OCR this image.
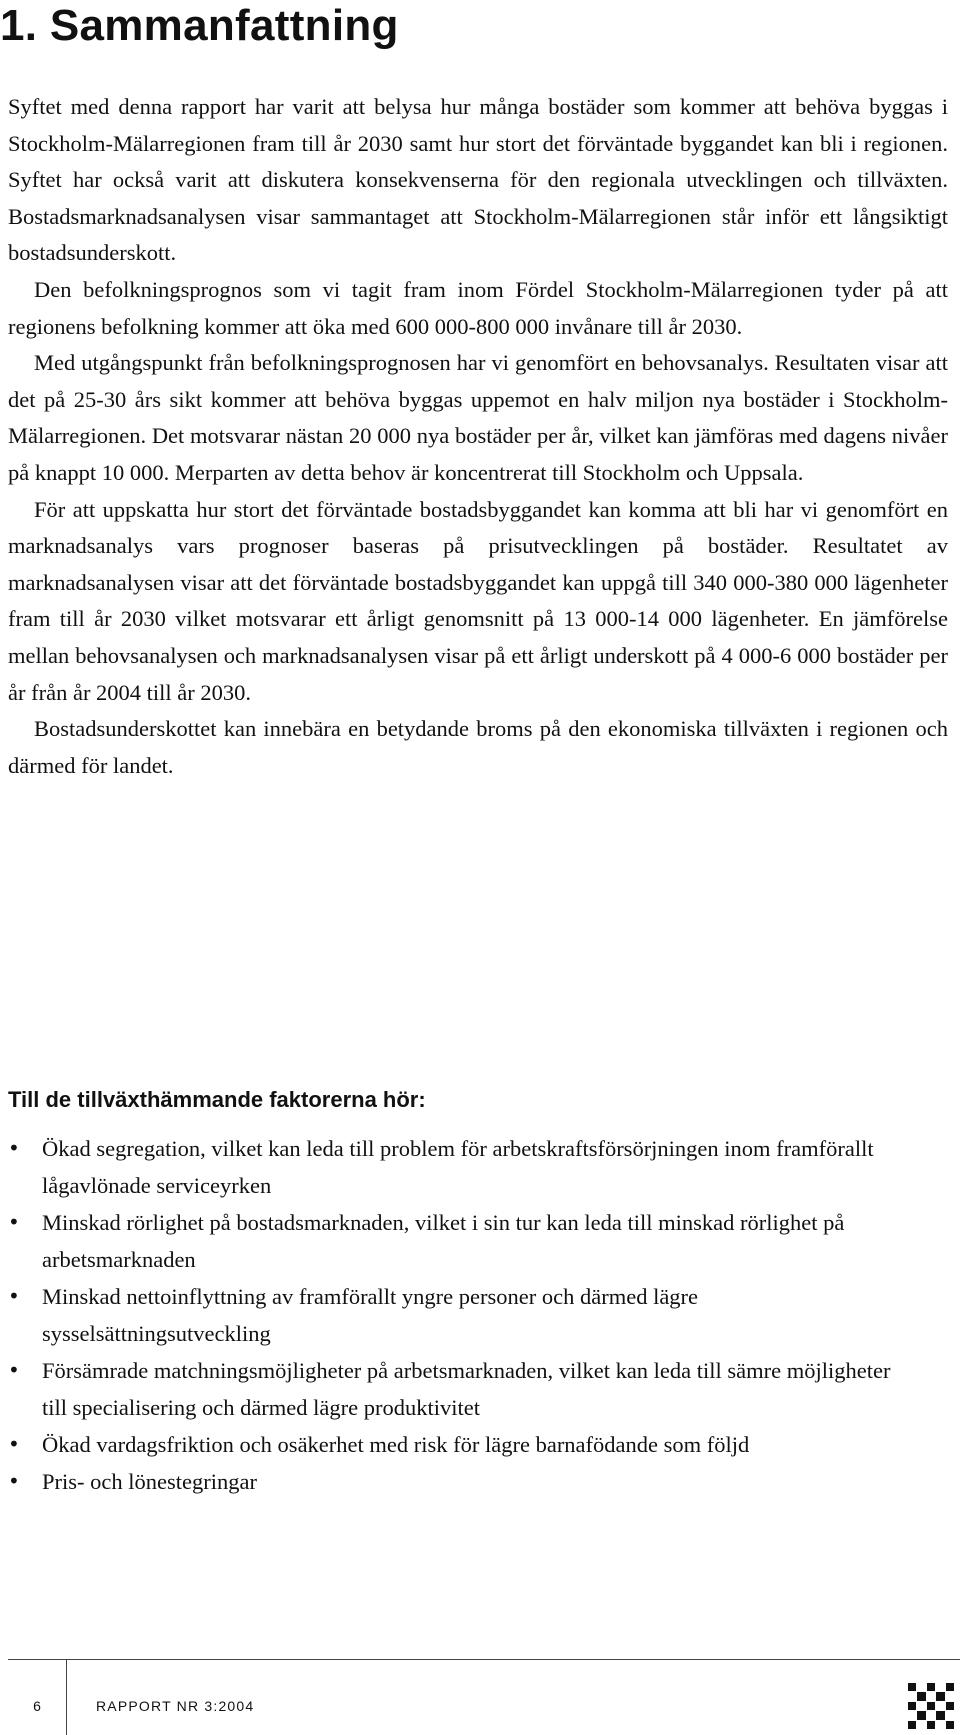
1. Sammanfattning

Syftet med denna rapport har varit att belysa hur många bostäder som kommer att behöva byggas i Stockholm-Mälarregionen fram till år 2030 samt hur stort det förväntade byggandet kan bli i regionen. Syftet har också varit att diskutera konsekvenserna för den regionala utvecklingen och tillväxten. Bostadsmarknadsanalysen visar sammantaget att Stockholm-Mälarregionen står inför ett långsiktigt bostadsunderskott.

Den befolkningsprognos som vi tagit fram inom Fördel Stockholm-Mälarregionen tyder på att regionens befolkning kommer att öka med 600 000-800 000 invånare till år 2030.

Med utgångspunkt från befolkningsprognosen har vi genomfört en behovsanalys. Resultaten visar att det på 25-30 års sikt kommer att behöva byggas uppemot en halv miljon nya bostäder i Stockholm-Mälarregionen. Det motsvarar nästan 20 000 nya bostäder per år, vilket kan jämföras med dagens nivåer på knappt 10 000. Merparten av detta behov är koncentrerat till Stockholm och Uppsala.

För att uppskatta hur stort det förväntade bostadsbyggandet kan komma att bli har vi genomfört en marknadsanalys vars prognoser baseras på prisutvecklingen på bostäder. Resultatet av marknadsanalysen visar att det förväntade bostadsbyggandet kan uppgå till 340 000-380 000 lägenheter fram till år 2030 vilket motsvarar ett årligt genomsnitt på 13 000-14 000 lägenheter. En jämförelse mellan behovsanalysen och marknadsanalysen visar på ett årligt underskott på 4 000-6 000 bostäder per år från år 2004 till år 2030.

Bostadsunderskottet kan innebära en betydande broms på den ekonomiska tillväxten i regionen och därmed för landet.

Till de tillväxthämmande faktorerna hör:
• Ökad segregation, vilket kan leda till problem för arbetskraftsförsörjningen inom framförallt lågavlönade serviceyrken
• Minskad rörlighet på bostadsmarknaden, vilket i sin tur kan leda till minskad rörlighet på arbetsmarknaden
• Minskad nettoinflyttning av framförallt yngre personer och därmed lägre sysselsättningsutveckling
• Försämrade matchningsmöjligheter på arbetsmarknaden, vilket kan leda till sämre möjligheter till specialisering och därmed lägre produktivitet
• Ökad vardagsfriktion och osäkerhet med risk för lägre barnafödande som följd
• Pris- och lönestegringar
6	RAPPORT NR 3:2004
